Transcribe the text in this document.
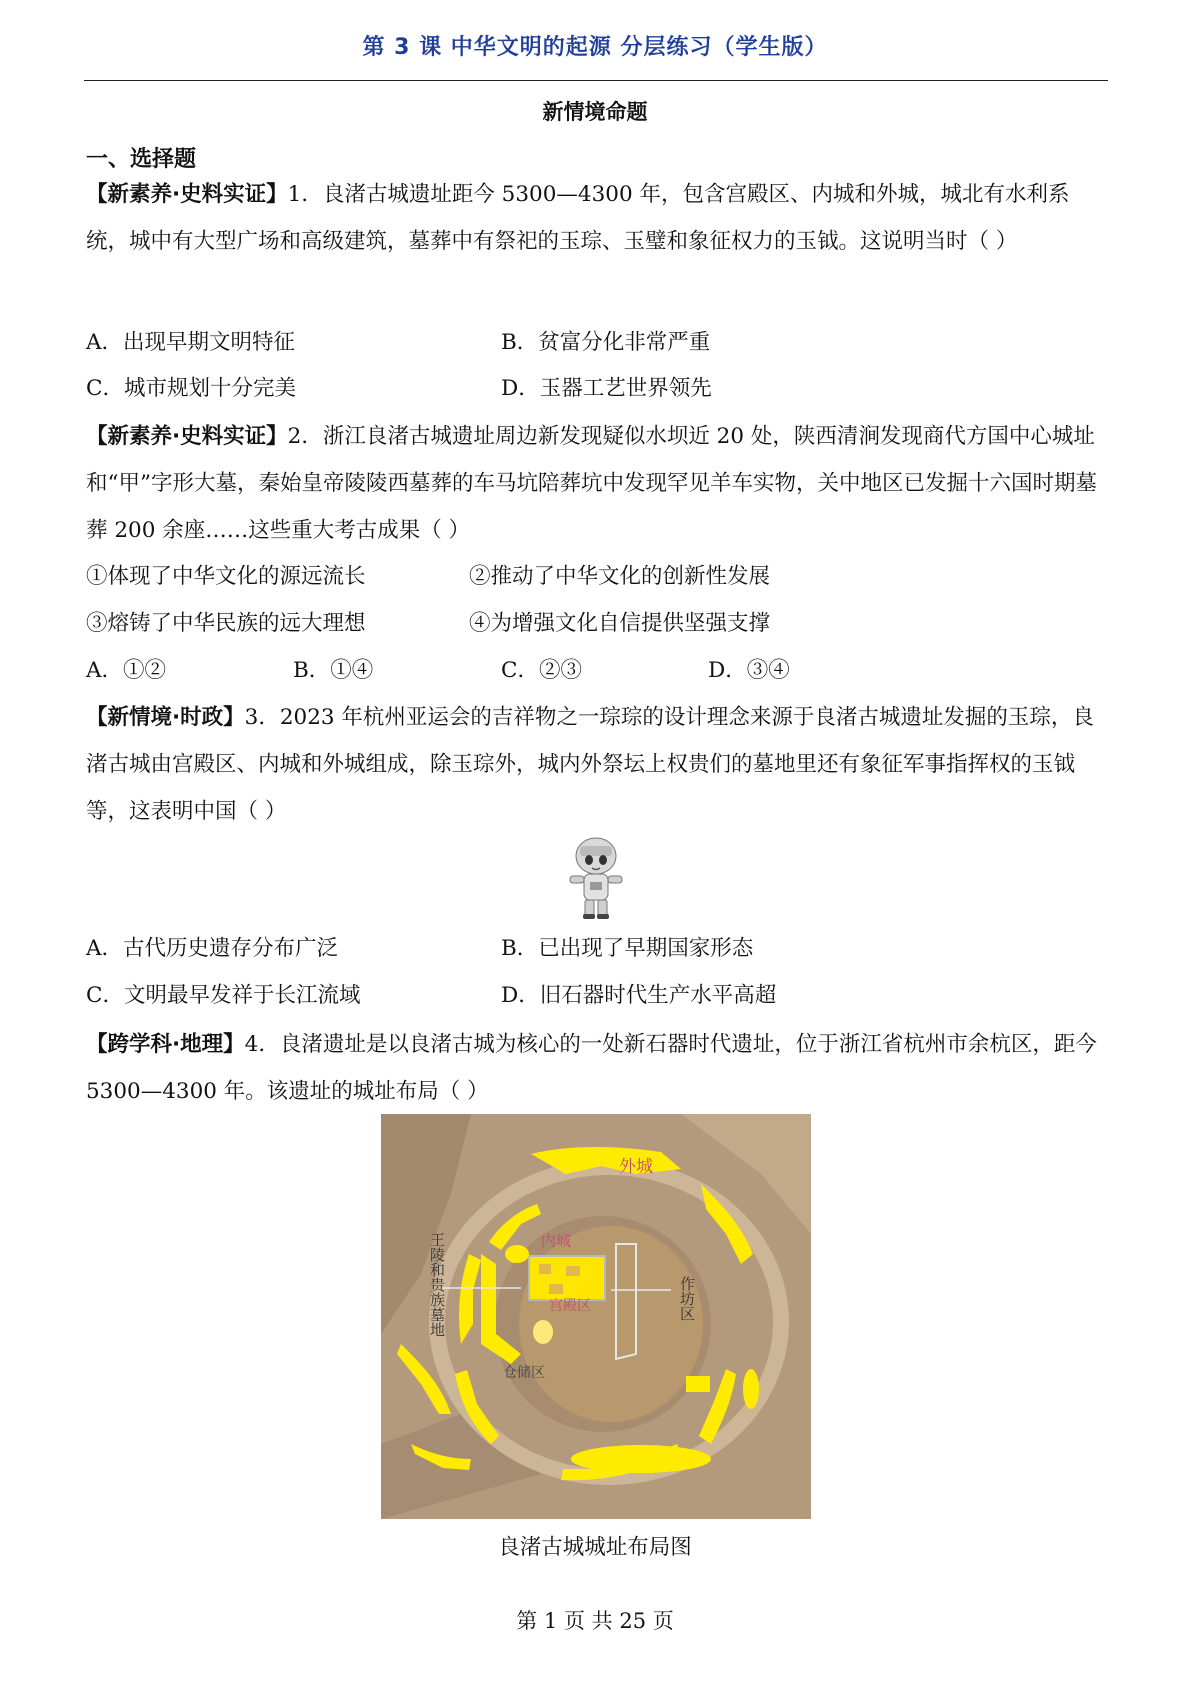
第 3 课 中华文明的起源 分层练习（学生版）
新情境命题
一、选择题

【新素养·史料实证】1．良渚古城遗址距今 5300—4300 年，包含宫殿区、内城和外城，城北有水利系统，城中有大型广场和高级建筑，墓葬中有祭祀的玉琮、玉璧和象征权力的玉钺。这说明当时（ ）

A．出现早期文明特征	B．贫富分化非常严重
C．城市规划十分完美	D．玉器工艺世界领先

【新素养·史料实证】2．浙江良渚古城遗址周边新发现疑似水坝近 20 处，陕西清涧发现商代方国中心城址和“甲”字形大墓，秦始皇帝陵陵西墓葬的车马坑陪葬坑中发现罕见羊车实物，关中地区已发掘十六国时期墓葬 200 余座……这些重大考古成果（ ）

①体现了中华文化的源远流长	②推动了中华文化的创新性发展
③熔铸了中华民族的远大理想	④为增强文化自信提供坚强支撑
A．①②	B．①④	C．②③	D．③④

【新情境·时政】3．2023 年杭州亚运会的吉祥物之一琮琮的设计理念来源于良渚古城遗址发掘的玉琮，良渚古城由宫殿区、内城和外城组成，除玉琮外，城内外祭坛上权贵们的墓地里还有象征军事指挥权的玉钺等，这表明中国（ ）

A．古代历史遗存分布广泛	B．已出现了早期国家形态
C．文明最早发祥于长江流域	D．旧石器时代生产水平高超

【跨学科·地理】4．良渚遗址是以良渚古城为核心的一处新石器时代遗址，位于浙江省杭州市余杭区，距今 5300—4300 年。该遗址的城址布局（ ）

外城
内城
宫殿区
仓储区
作坊区
王陵和贵族墓地
良渚古城城址布局图
第 1 页 共 25 页
